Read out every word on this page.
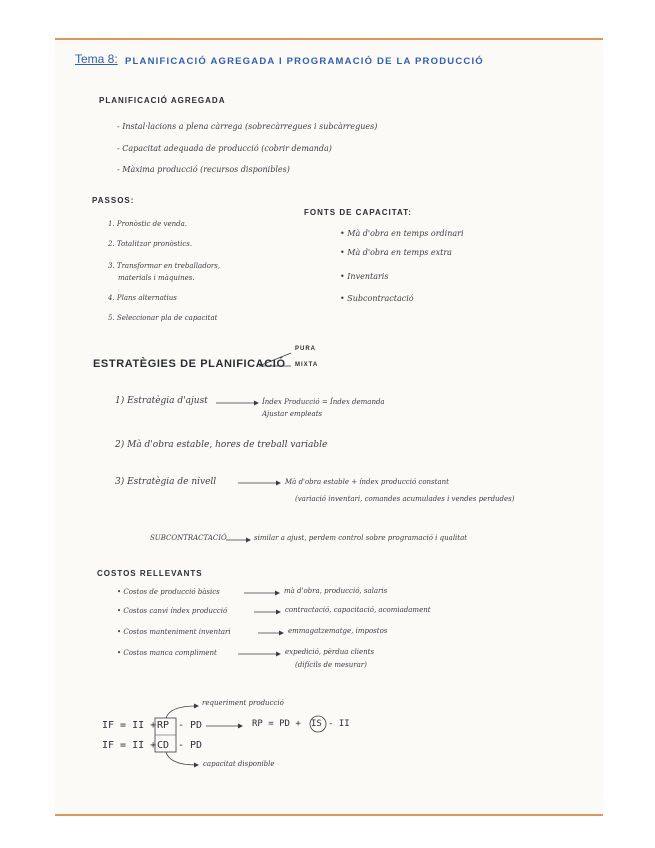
Tema 8: PLANIFICACIÓ AGREGADA I PROGRAMACIÓ DE LA PRODUCCIÓ
PLANIFICACIÓ AGREGADA
- Instal·lacions a plena càrrega (sobrecàrregues i subcàrregues)
- Capacitat adequada de producció (cobrir demanda)
- Màxima producció (recursos disponibles)
PASSOS:
1. Pronòstic de venda.
2. Totalitzar pronòstics.
3. Transformar en treballadors,
materials i màquines.
4. Plans alternatius
5. Seleccionar pla de capacitat
FONTS DE CAPACITAT:
• Mà d'obra en temps ordinari
• Mà d'obra en temps extra
• Inventaris
• Subcontractació
ESTRATÈGIES DE PLANIFICACIÓ
PURA
MIXTA
1) Estratègia d'ajust	Índex Producció = Índex demanda
Ajustar empleats
2) Mà d'obra estable, hores de treball variable
3) Estratègia de nivell	Mà d'obra estable + índex producció constant
(variació inventari, comandes acumulades i vendes perdudes)
SUBCONTRACTACIÓ	similar a ajust, perdem control sobre programació i qualitat
COSTOS RELLEVANTS
• Costos de producció bàsics	mà d'obra, producció, salaris
• Costos canvi índex producció	contractació, capacitació, acomiadament
• Costos manteniment inventari	emmagatzematge, impostos
• Costos manca compliment	expedició, pèrdua clients
(difícils de mesurar)
requeriment producció
IF = II + RP - PD	RP = PD + IS - II
IF = II + CD - PD
capacitat disponible
